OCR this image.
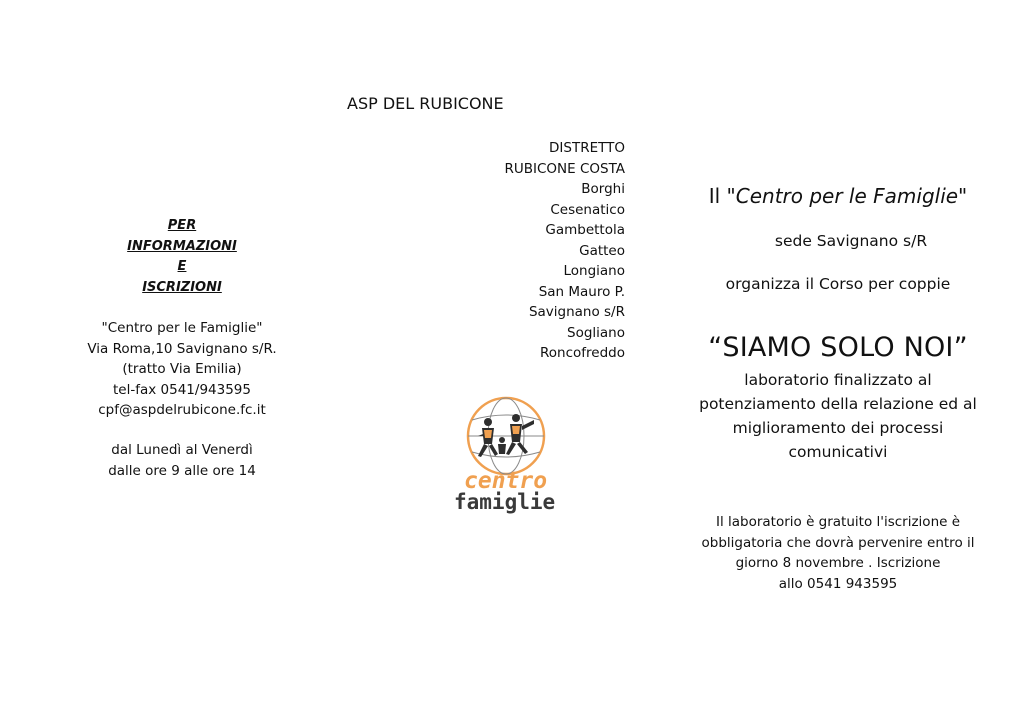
ASP DEL RUBICONE
PER
INFORMAZIONI
E
ISCRIZIONI
"Centro per le Famiglie"
Via Roma,10 Savignano s/R.
(tratto Via Emilia)
tel-fax 0541/943595
cpf@aspdelrubicone.fc.it
dal Lunedì al Venerdì
dalle ore 9 alle ore 14
DISTRETTO
RUBICONE COSTA
Borghi
Cesenatico
Gambettola
Gatteo
Longiano
San Mauro P.
Savignano s/R
Sogliano
Roncofreddo
centro
famiglie
Il "Centro per le Famiglie"
sede Savignano s/R
organizza il Corso per coppie
“SIAMO SOLO NOI”
laboratorio finalizzato al
potenziamento della relazione ed al
miglioramento dei processi
comunicativi
Il laboratorio è gratuito l'iscrizione è
obbligatoria che dovrà pervenire entro il
giorno 8 novembre . Iscrizione
allo 0541 943595
